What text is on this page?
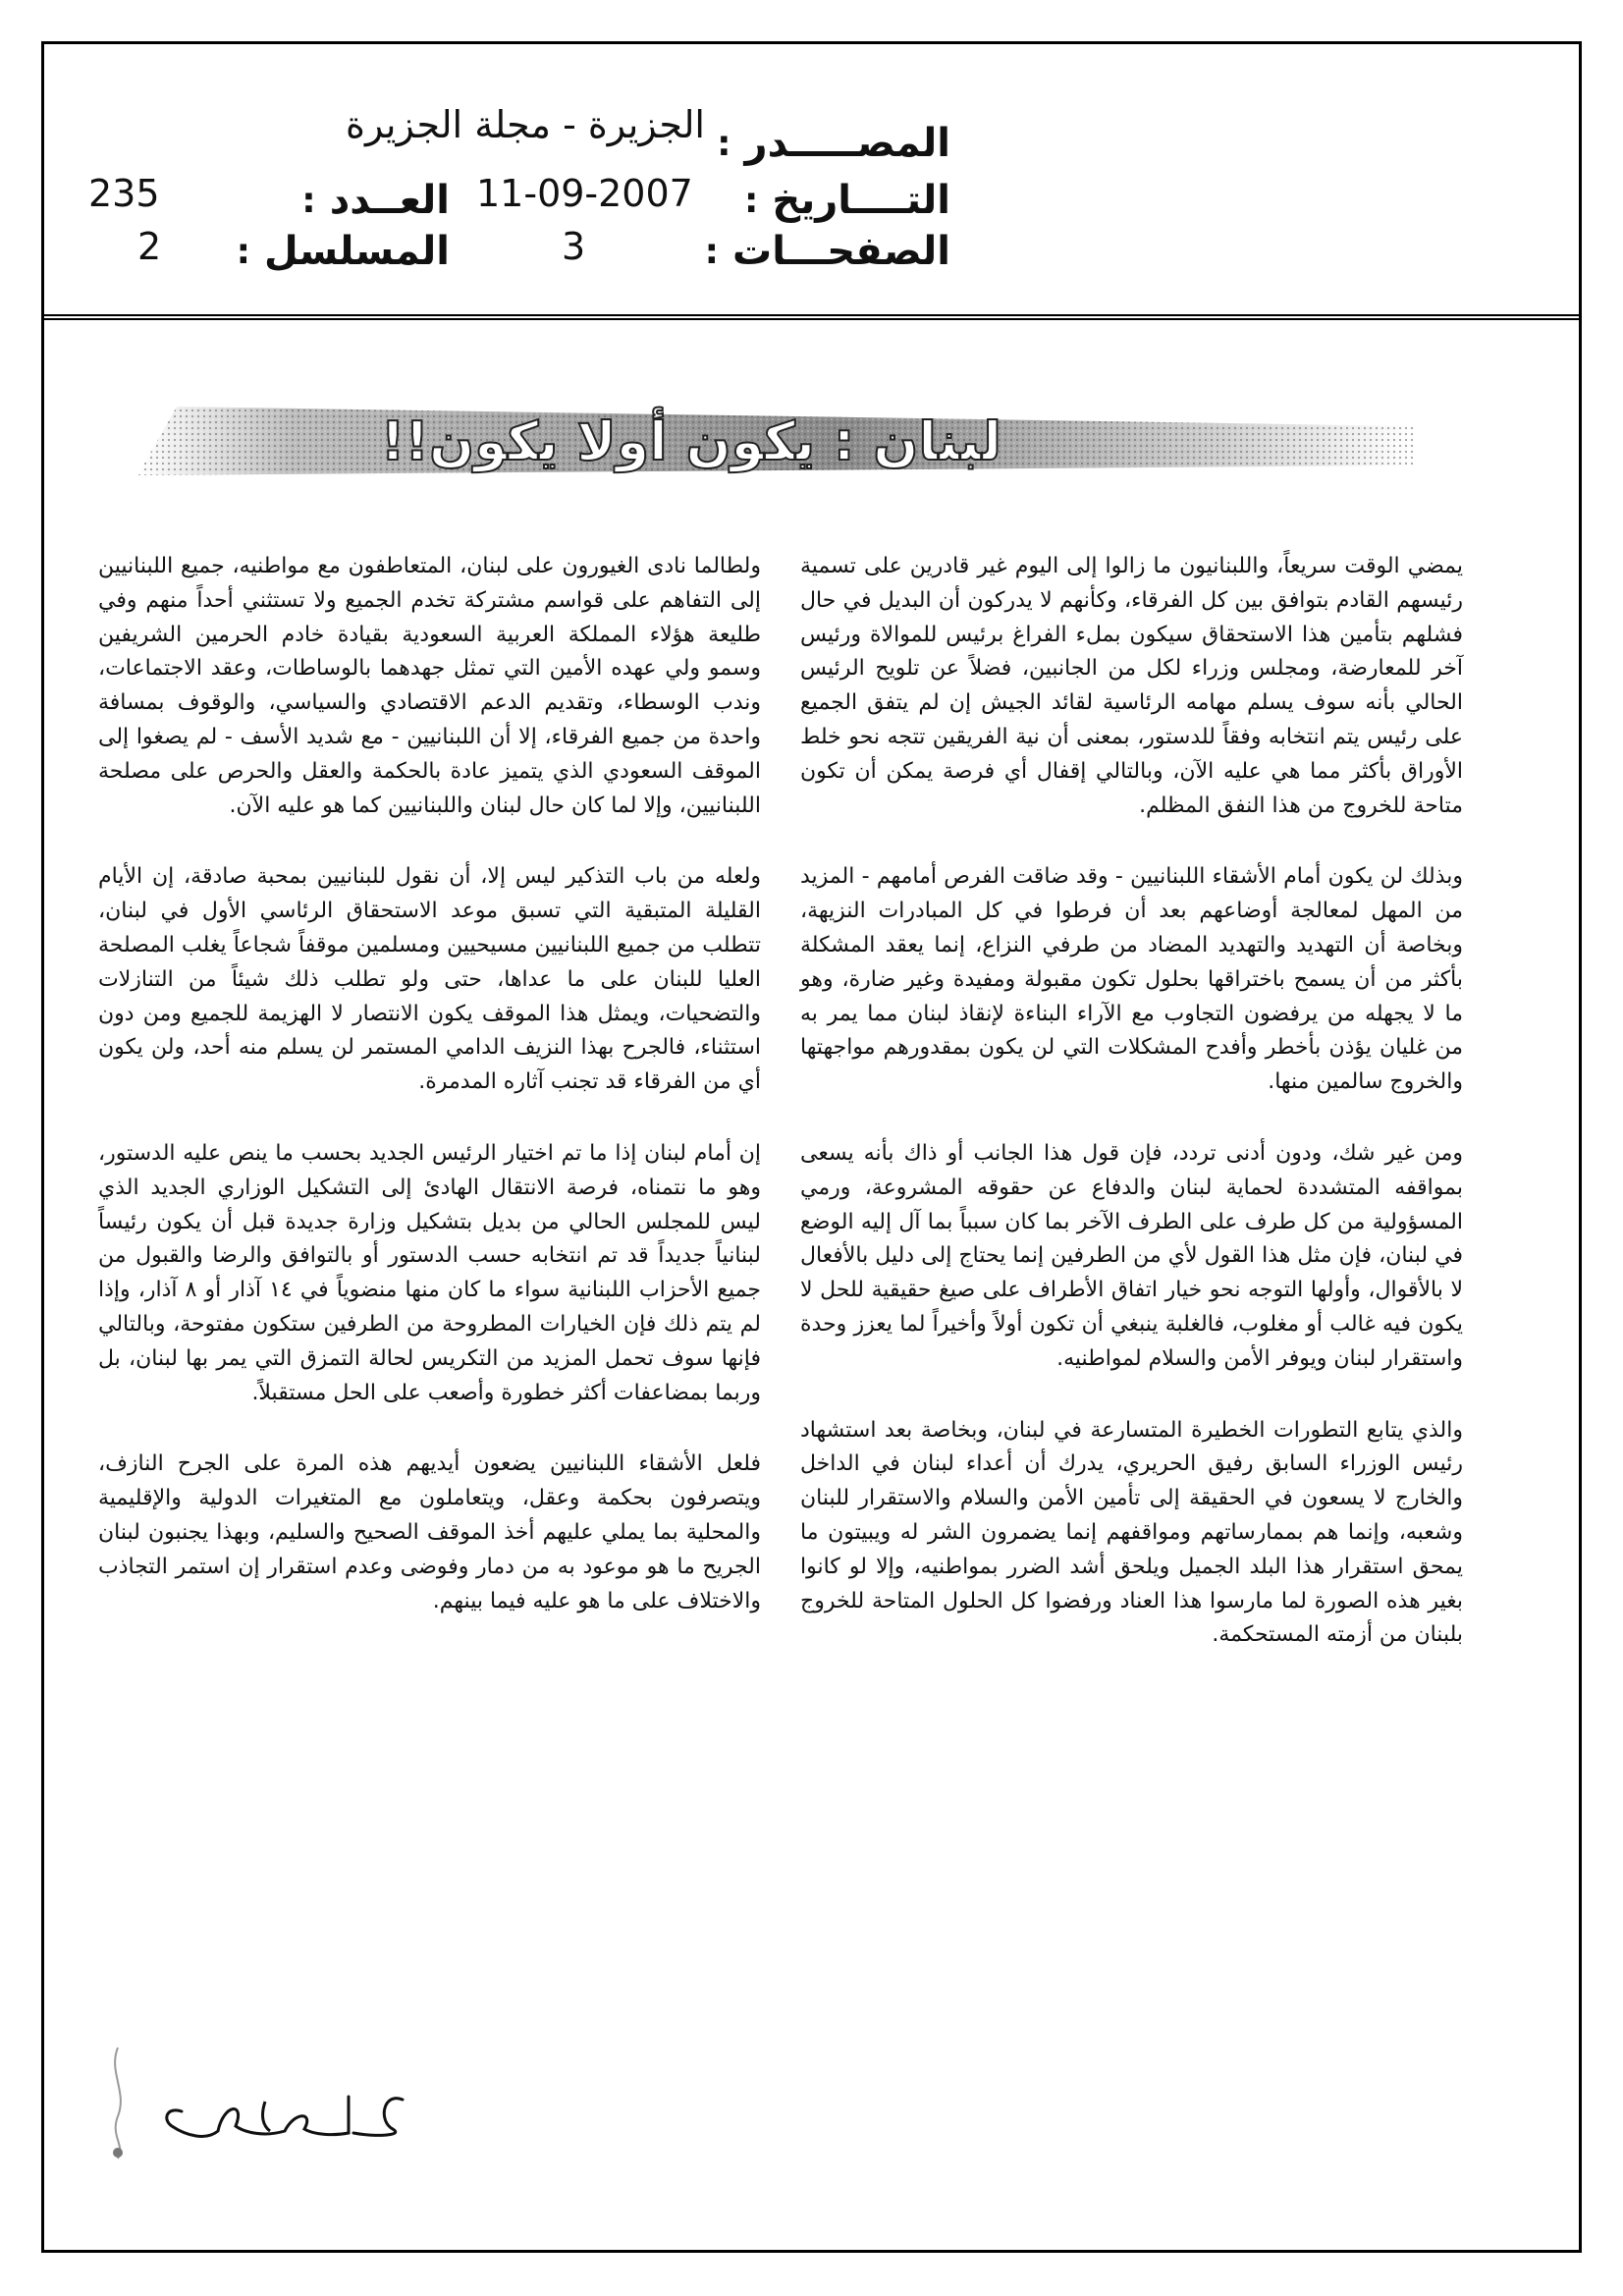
المصـــــدر
:
الجزيرة - مجلة الجزيرة
التــــاريخ
:
11-09-2007
العــدد
:
235
الصفحـــات
:
3
المسلسل
:
2
لبنان : يكون أولا يكون!!

يمضي الوقت سريعاً، واللبنانيون ما زالوا إلى اليوم غير قادرين على تسمية رئيسهم القادم بتوافق بين كل الفرقاء، وكأنهم لا يدركون أن البديل في حال فشلهم بتأمين هذا الاستحقاق سيكون بملء الفراغ برئيس للموالاة ورئيس آخر للمعارضة، ومجلس وزراء لكل من الجانبين، فضلاً عن تلويح الرئيس الحالي بأنه سوف يسلم مهامه الرئاسية لقائد الجيش إن لم يتفق الجميع على رئيس يتم انتخابه وفقاً للدستور، بمعنى أن نية الفريقين تتجه نحو خلط الأوراق بأكثر مما هي عليه الآن، وبالتالي إقفال أي فرصة يمكن أن تكون متاحة للخروج من هذا النفق المظلم.

وبذلك لن يكون أمام الأشقاء اللبنانيين - وقد ضاقت الفرص أمامهم - المزيد من المهل لمعالجة أوضاعهم بعد أن فرطوا في كل المبادرات النزيهة، وبخاصة أن التهديد والتهديد المضاد من طرفي النزاع، إنما يعقد المشكلة بأكثر من أن يسمح باختراقها بحلول تكون مقبولة ومفيدة وغير ضارة، وهو ما لا يجهله من يرفضون التجاوب مع الآراء البناءة لإنقاذ لبنان مما يمر به من غليان يؤذن بأخطر وأفدح المشكلات التي لن يكون بمقدورهم مواجهتها والخروج سالمين منها.

ومن غير شك، ودون أدنى تردد، فإن قول هذا الجانب أو ذاك بأنه يسعى بمواقفه المتشددة لحماية لبنان والدفاع عن حقوقه المشروعة، ورمي المسؤولية من كل طرف على الطرف الآخر بما كان سبباً بما آل إليه الوضع في لبنان، فإن مثل هذا القول لأي من الطرفين إنما يحتاج إلى دليل بالأفعال لا بالأقوال، وأولها التوجه نحو خيار اتفاق الأطراف على صيغ حقيقية للحل لا يكون فيه غالب أو مغلوب، فالغلبة ينبغي أن تكون أولاً وأخيراً لما يعزز وحدة واستقرار لبنان ويوفر الأمن والسلام لمواطنيه.

والذي يتابع التطورات الخطيرة المتسارعة في لبنان، وبخاصة بعد استشهاد رئيس الوزراء السابق رفيق الحريري، يدرك أن أعداء لبنان في الداخل والخارج لا يسعون في الحقيقة إلى تأمين الأمن والسلام والاستقرار للبنان وشعبه، وإنما هم بممارساتهم ومواقفهم إنما يضمرون الشر له ويبيتون ما يمحق استقرار هذا البلد الجميل ويلحق أشد الضرر بمواطنيه، وإلا لو كانوا بغير هذه الصورة لما مارسوا هذا العناد ورفضوا كل الحلول المتاحة للخروج بلبنان من أزمته المستحكمة.

ولطالما نادى الغيورون على لبنان، المتعاطفون مع مواطنيه، جميع اللبنانيين إلى التفاهم على قواسم مشتركة تخدم الجميع ولا تستثني أحداً منهم وفي طليعة هؤلاء المملكة العربية السعودية بقيادة خادم الحرمين الشريفين وسمو ولي عهده الأمين التي تمثل جهدهما بالوساطات، وعقد الاجتماعات، وندب الوسطاء، وتقديم الدعم الاقتصادي والسياسي، والوقوف بمسافة واحدة من جميع الفرقاء، إلا أن اللبنانيين - مع شديد الأسف - لم يصغوا إلى الموقف السعودي الذي يتميز عادة بالحكمة والعقل والحرص على مصلحة اللبنانيين، وإلا لما كان حال لبنان واللبنانيين كما هو عليه الآن.

ولعله من باب التذكير ليس إلا، أن نقول للبنانيين بمحبة صادقة، إن الأيام القليلة المتبقية التي تسبق موعد الاستحقاق الرئاسي الأول في لبنان، تتطلب من جميع اللبنانيين مسيحيين ومسلمين موقفاً شجاعاً يغلب المصلحة العليا للبنان على ما عداها، حتى ولو تطلب ذلك شيئاً من التنازلات والتضحيات، ويمثل هذا الموقف يكون الانتصار لا الهزيمة للجميع ومن دون استثناء، فالجرح بهذا النزيف الدامي المستمر لن يسلم منه أحد، ولن يكون أي من الفرقاء قد تجنب آثاره المدمرة.

إن أمام لبنان إذا ما تم اختيار الرئيس الجديد بحسب ما ينص عليه الدستور، وهو ما نتمناه، فرصة الانتقال الهادئ إلى التشكيل الوزاري الجديد الذي ليس للمجلس الحالي من بديل بتشكيل وزارة جديدة قبل أن يكون رئيساً لبنانياً جديداً قد تم انتخابه حسب الدستور أو بالتوافق والرضا والقبول من جميع الأحزاب اللبنانية سواء ما كان منها منضوياً في ١٤ آذار أو ٨ آذار، وإذا لم يتم ذلك فإن الخيارات المطروحة من الطرفين ستكون مفتوحة، وبالتالي فإنها سوف تحمل المزيد من التكريس لحالة التمزق التي يمر بها لبنان، بل وربما بمضاعفات أكثر خطورة وأصعب على الحل مستقبلاً.

فلعل الأشقاء اللبنانيين يضعون أيديهم هذه المرة على الجرح النازف، ويتصرفون بحكمة وعقل، ويتعاملون مع المتغيرات الدولية والإقليمية والمحلية بما يملي عليهم أخذ الموقف الصحيح والسليم، وبهذا يجنبون لبنان الجريح ما هو موعود به من دمار وفوضى وعدم استقرار إن استمر التجاذب والاختلاف على ما هو عليه فيما بينهم.
